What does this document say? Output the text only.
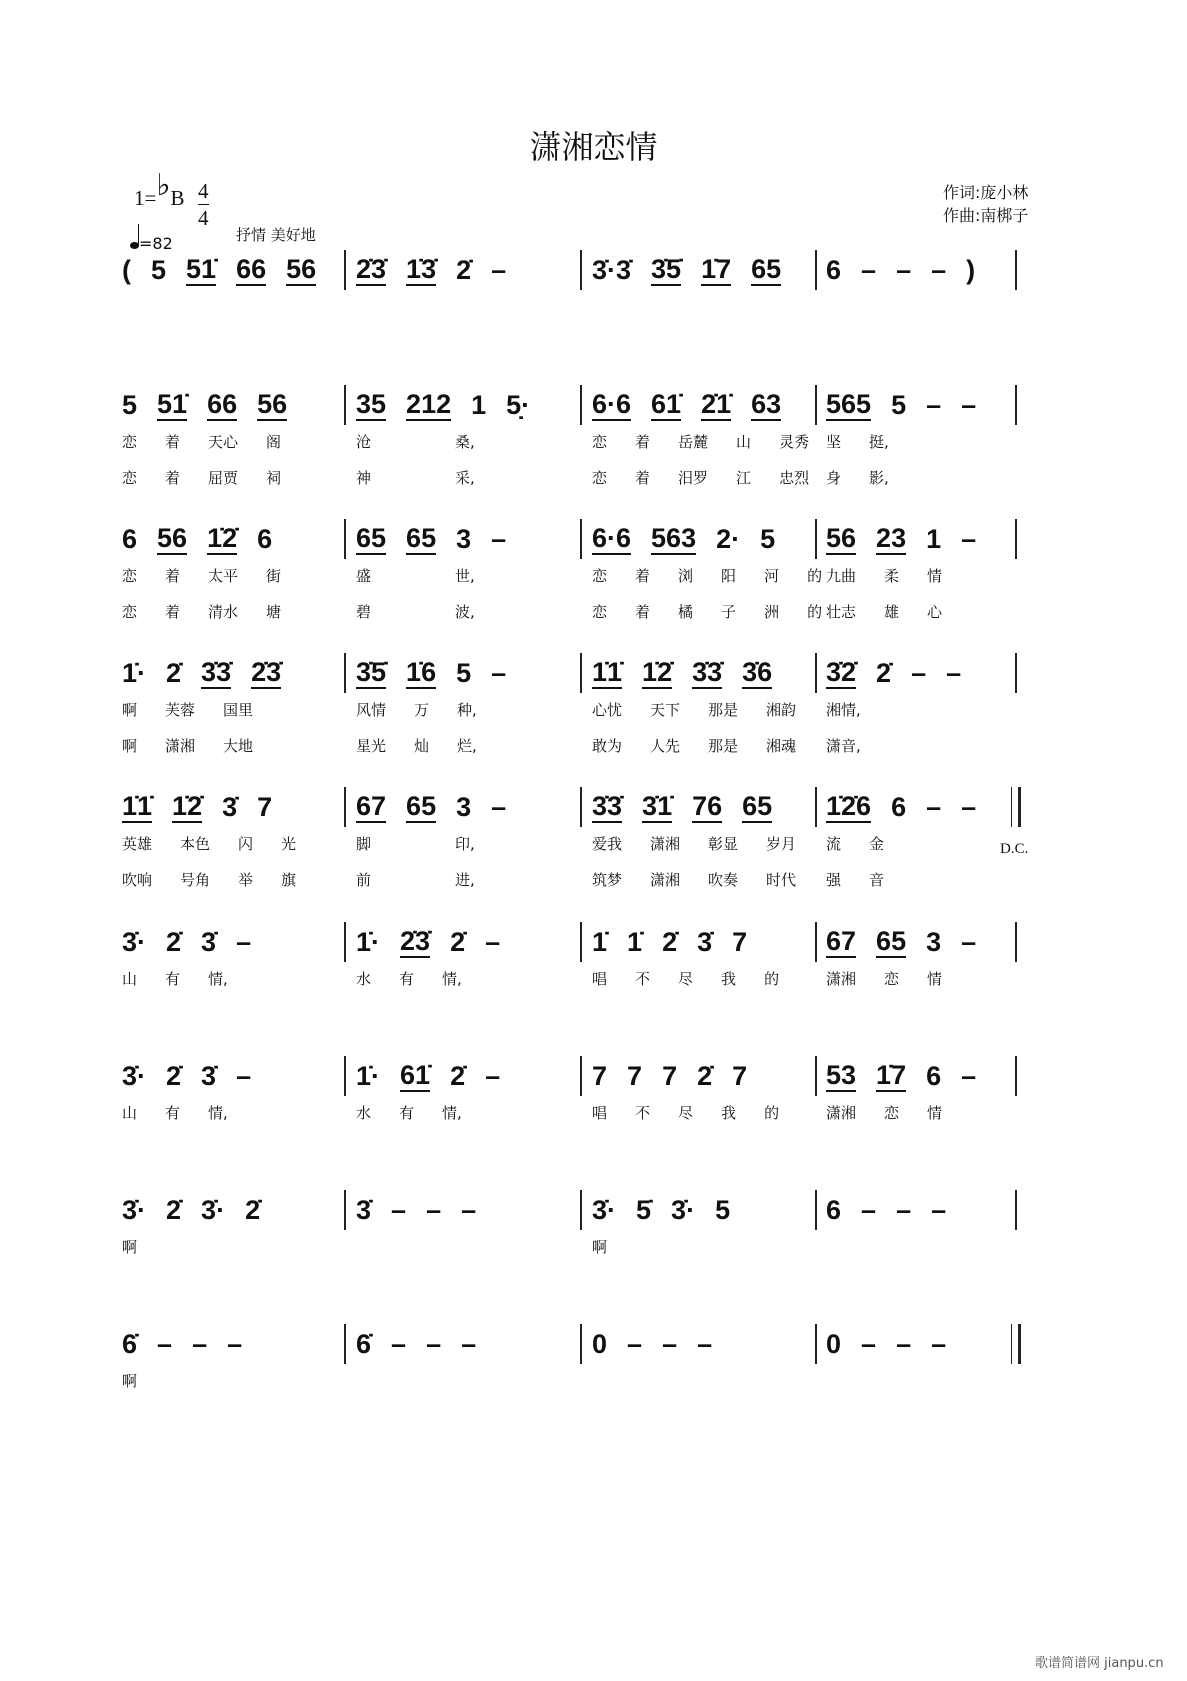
潇湘恋情
1=♭B 4
4
=82	抒情 美好地
作词:庞小林
作曲:南梆子
( 5 51̇ 66 56 2̇3̇ 1̇3̇ 2̇ –	3̇·3̇ 3̇5̇ 1̇7 65 6 – – – )
5 51̇ 66 56
恋 着 天心 阁
恋 着 屈贾 祠
35 212 1 5̣·
沧	桑,
神	采,
6·6 61̇ 2̇1̇ 63
恋 着 岳麓 山 灵秀
恋 着 汨罗 江 忠烈
565 5 – –
坚 挺,
身 影,
6 56 1̇2̇ 6
恋 着 太平 街
恋 着 清水 塘
65 65 3 –
盛	世,
碧	波,
6·6 563 2· 5
恋 着 浏 阳 河 的
恋 着 橘 子 洲 的
56 23 1 –
九曲 柔 情
壮志 雄 心
1̇· 2̇ 3̇3̇ 2̇3̇
啊 芙蓉 国里
啊 潇湘 大地
3̇5̇ 1̇6 5 –
风情 万 种,
星光 灿 烂,
1̇1̇ 1̇2̇ 3̇3̇ 3̇6
心忧 天下 那是 湘韵
敢为 人先 那是 湘魂
3̇2̇ 2̇ – –
湘情,
潇音,
1̇1̇ 1̇2̇ 3̇ 7
英雄 本色 闪 光
吹响 号角 举 旗
67 65 3 –
脚	印,
前	进,
3̇3̇ 3̇1̇ 76 65
爱我 潇湘 彰显 岁月
筑梦 潇湘 吹奏 时代
1̇2̇6 6 – –
流 金
强 音
D.C.
3̇· 2̇ 3̇ –
山 有 情,
1̇· 2̇3̇ 2̇ –
水 有 情,
1̇ 1̇ 2̇ 3̇ 7
唱 不 尽 我 的
67 65 3 –
潇湘 恋 情
3̇· 2̇ 3̇ –
山 有 情,
1̇· 61̇ 2̇ –
水 有 情,
7 7 7 2̇ 7
唱 不 尽 我 的
53 1̇7 6 –
潇湘 恋 情
3̇· 2̇ 3̇· 2̇
啊
3̇ – – –	3̇· 5̇ 3̇· 5
啊
6 – – –
6̇ – – –
啊
6̇ – – –	0 – – –	0 – – –
歌谱简谱网 jianpu.cn
